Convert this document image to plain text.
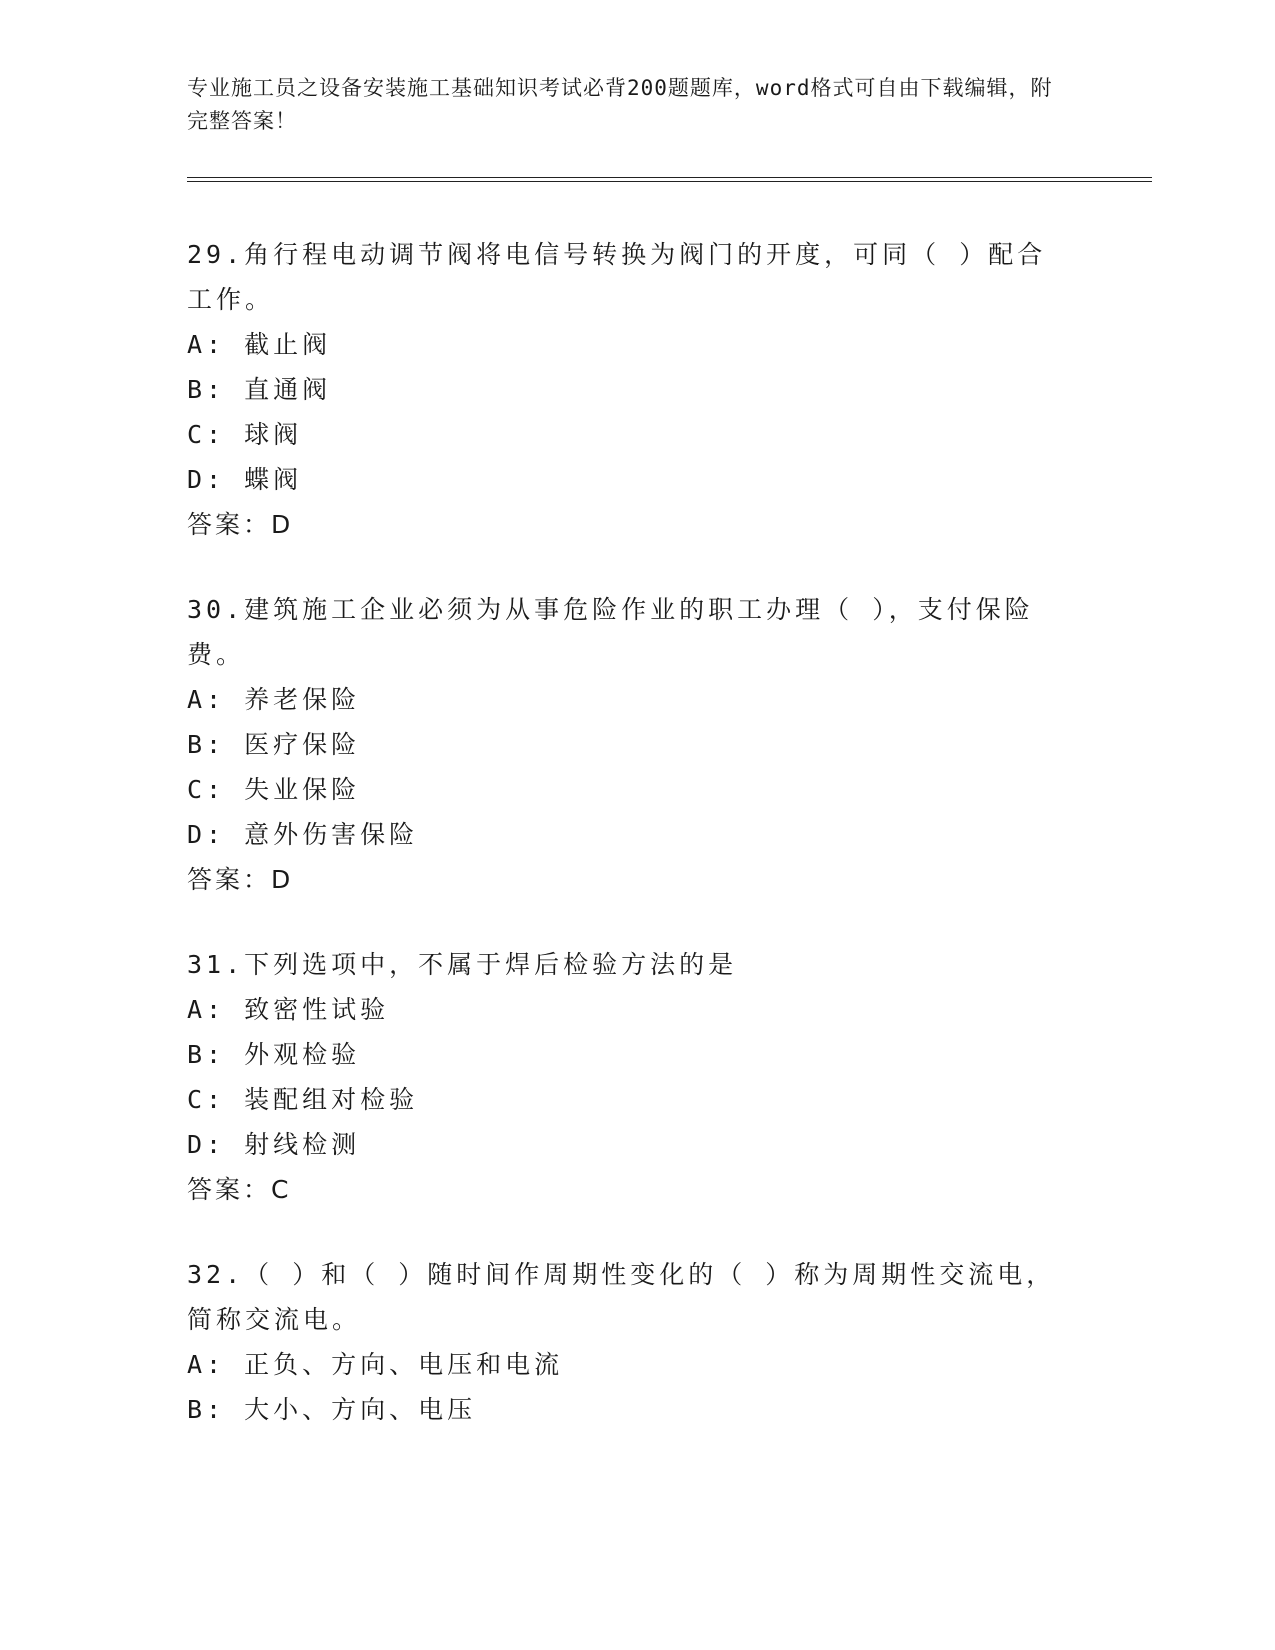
专业施工员之设备安装施工基础知识考试必背200题题库，word格式可自由下载编辑，附完整答案！
29.角行程电动调节阀将电信号转换为阀门的开度，可同（ ）配合工作。
A: 截止阀
B: 直通阀
C: 球阀
D: 蝶阀
答案：D
30.建筑施工企业必须为从事危险作业的职工办理（ ），支付保险费。
A: 养老保险
B: 医疗保险
C: 失业保险
D: 意外伤害保险
答案：D
31.下列选项中，不属于焊后检验方法的是
A: 致密性试验
B: 外观检验
C: 装配组对检验
D: 射线检测
答案：C
32.（ ）和（ ）随时间作周期性变化的（ ）称为周期性交流电，简称交流电。
A: 正负、方向、电压和电流
B: 大小、方向、电压
